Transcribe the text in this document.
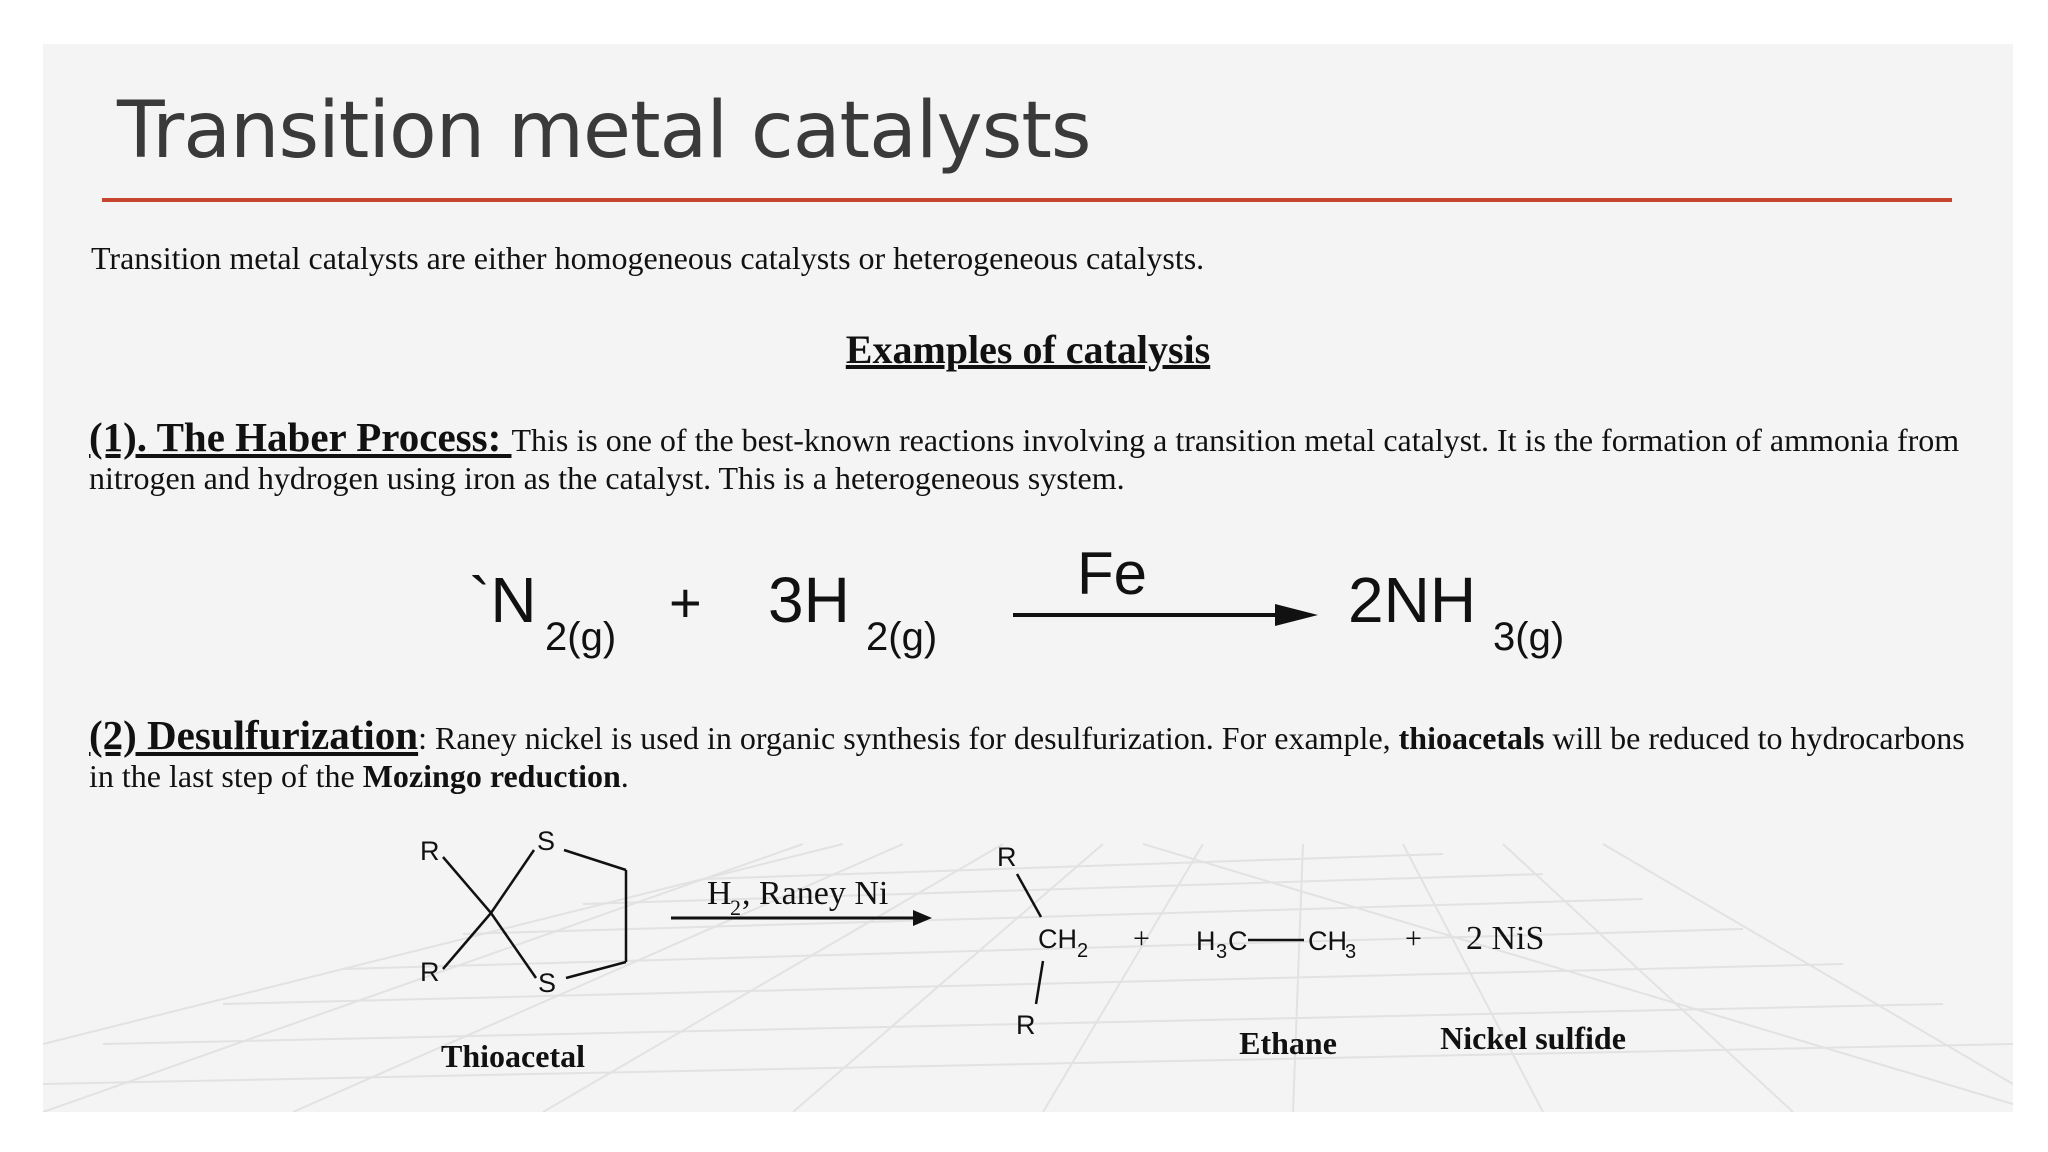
Transition metal catalysts
Transition metal catalysts are either homogeneous catalysts or heterogeneous catalysts.
Examples of catalysis
(1). The Haber Process: This is one of the best-known reactions involving a transition metal catalyst. It is the formation of ammonia from nitrogen and hydrogen using iron as the catalyst. This is a heterogeneous system.
(2) Desulfurization: Raney nickel is used in organic synthesis for desulfurization. For example, thioacetals will be reduced to hydrocarbons in the last step of the Mozingo reduction.
`N
2(g)
+ 3H
2(g)
Fe	2NH
3(g)
R
R
S
S
Thioacetal
H
2 , Raney Ni
R
R
CH 2 + H 3 C CH
3
Ethane
+ 2 NiS
Nickel sulfide
